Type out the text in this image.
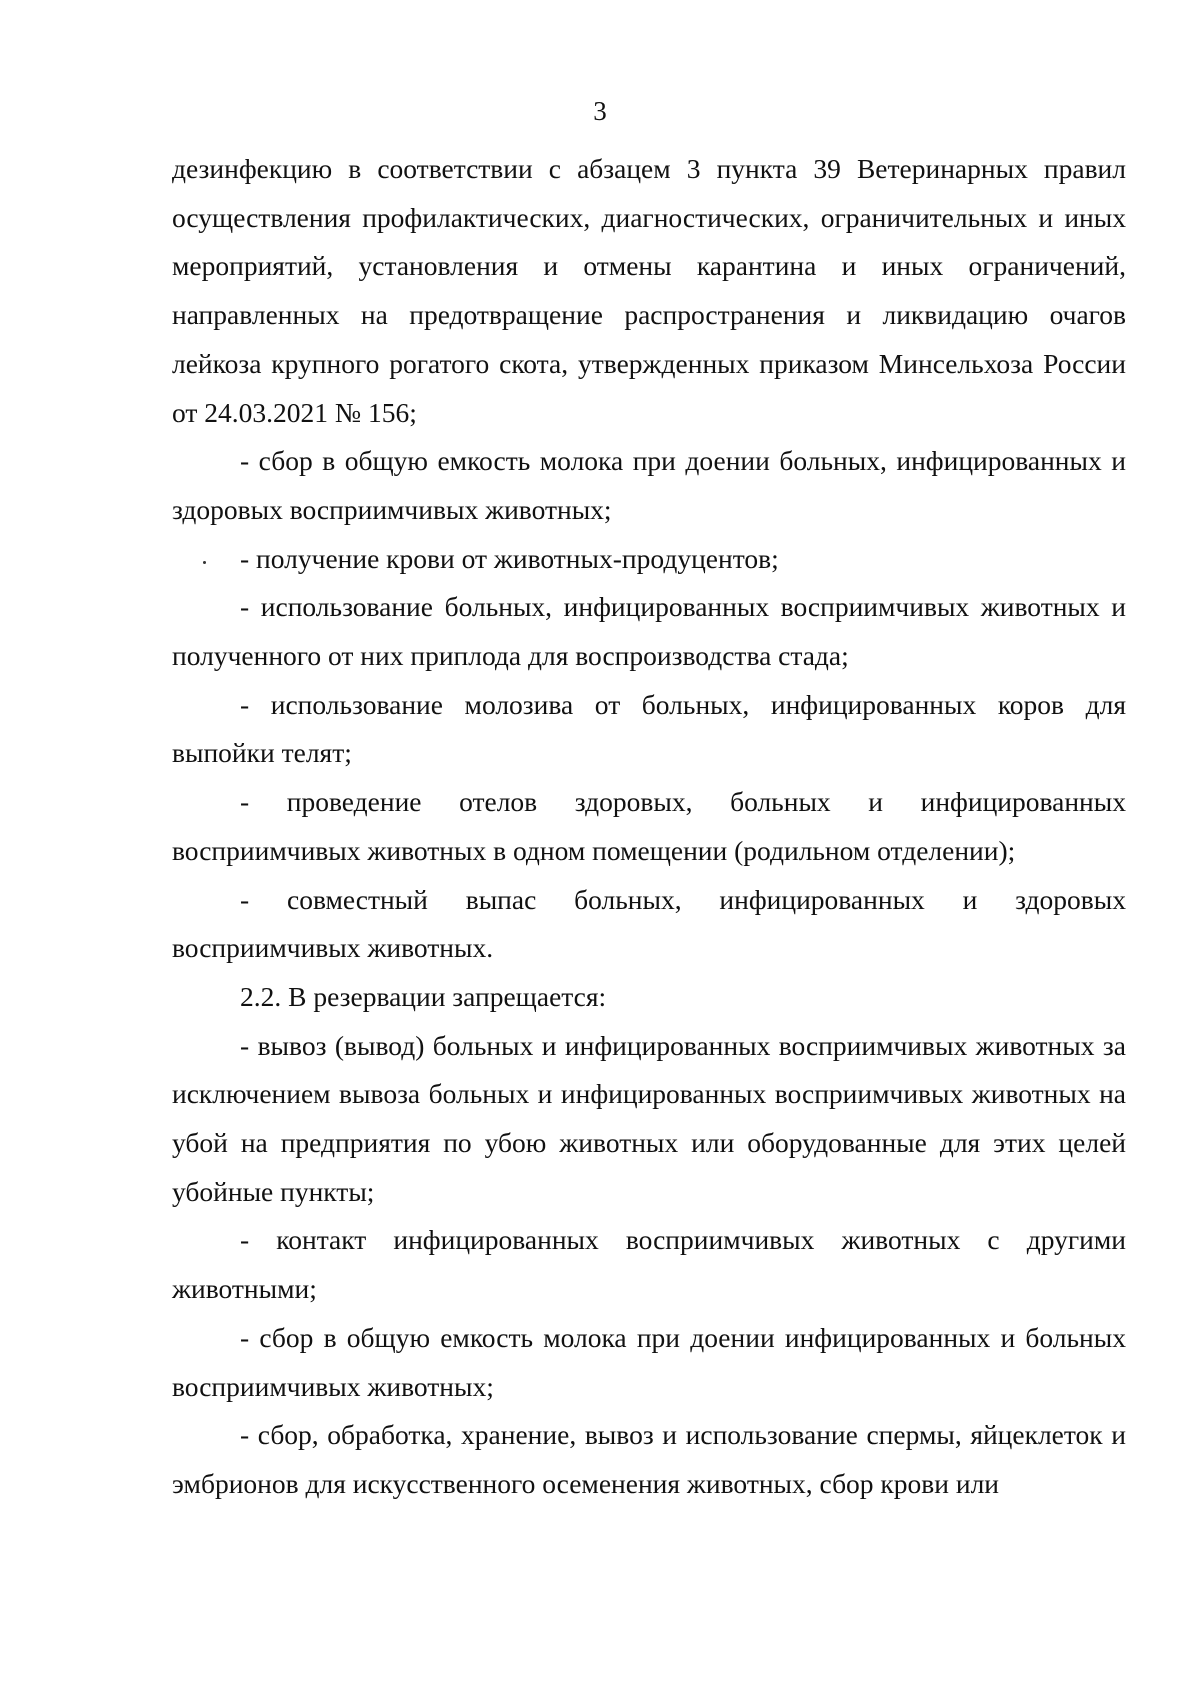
3

дезинфекцию в соответствии с абзацем 3 пункта 39 Ветеринарных правил осуществления профилактических, диагностических, ограничительных и иных мероприятий, установления и отмены карантина и иных ограничений, направленных на предотвращение распространения и ликвидацию очагов лейкоза крупного рогатого скота, утвержденных приказом Минсельхоза России от 24.03.2021 № 156;

- сбор в общую емкость молока при доении больных, инфицированных и здоровых восприимчивых животных;

- получение крови от животных-продуцентов;

- использование больных, инфицированных восприимчивых животных и полученного от них приплода для воспроизводства стада;

- использование молозива от больных, инфицированных коров для выпойки телят;

- проведение отелов здоровых, больных и инфицированных восприимчивых животных в одном помещении (родильном отделении);

- совместный выпас больных, инфицированных и здоровых восприимчивых животных.

2.2. В резервации запрещается:

- вывоз (вывод) больных и инфицированных восприимчивых животных за исключением вывоза больных и инфицированных восприимчивых животных на убой на предприятия по убою животных или оборудованные для этих целей убойные пункты;

- контакт инфицированных восприимчивых животных с другими животными;

- сбор в общую емкость молока при доении инфицированных и больных восприимчивых животных;

- сбор, обработка, хранение, вывоз и использование спермы, яйцеклеток и эмбрионов для искусственного осеменения животных, сбор крови или
